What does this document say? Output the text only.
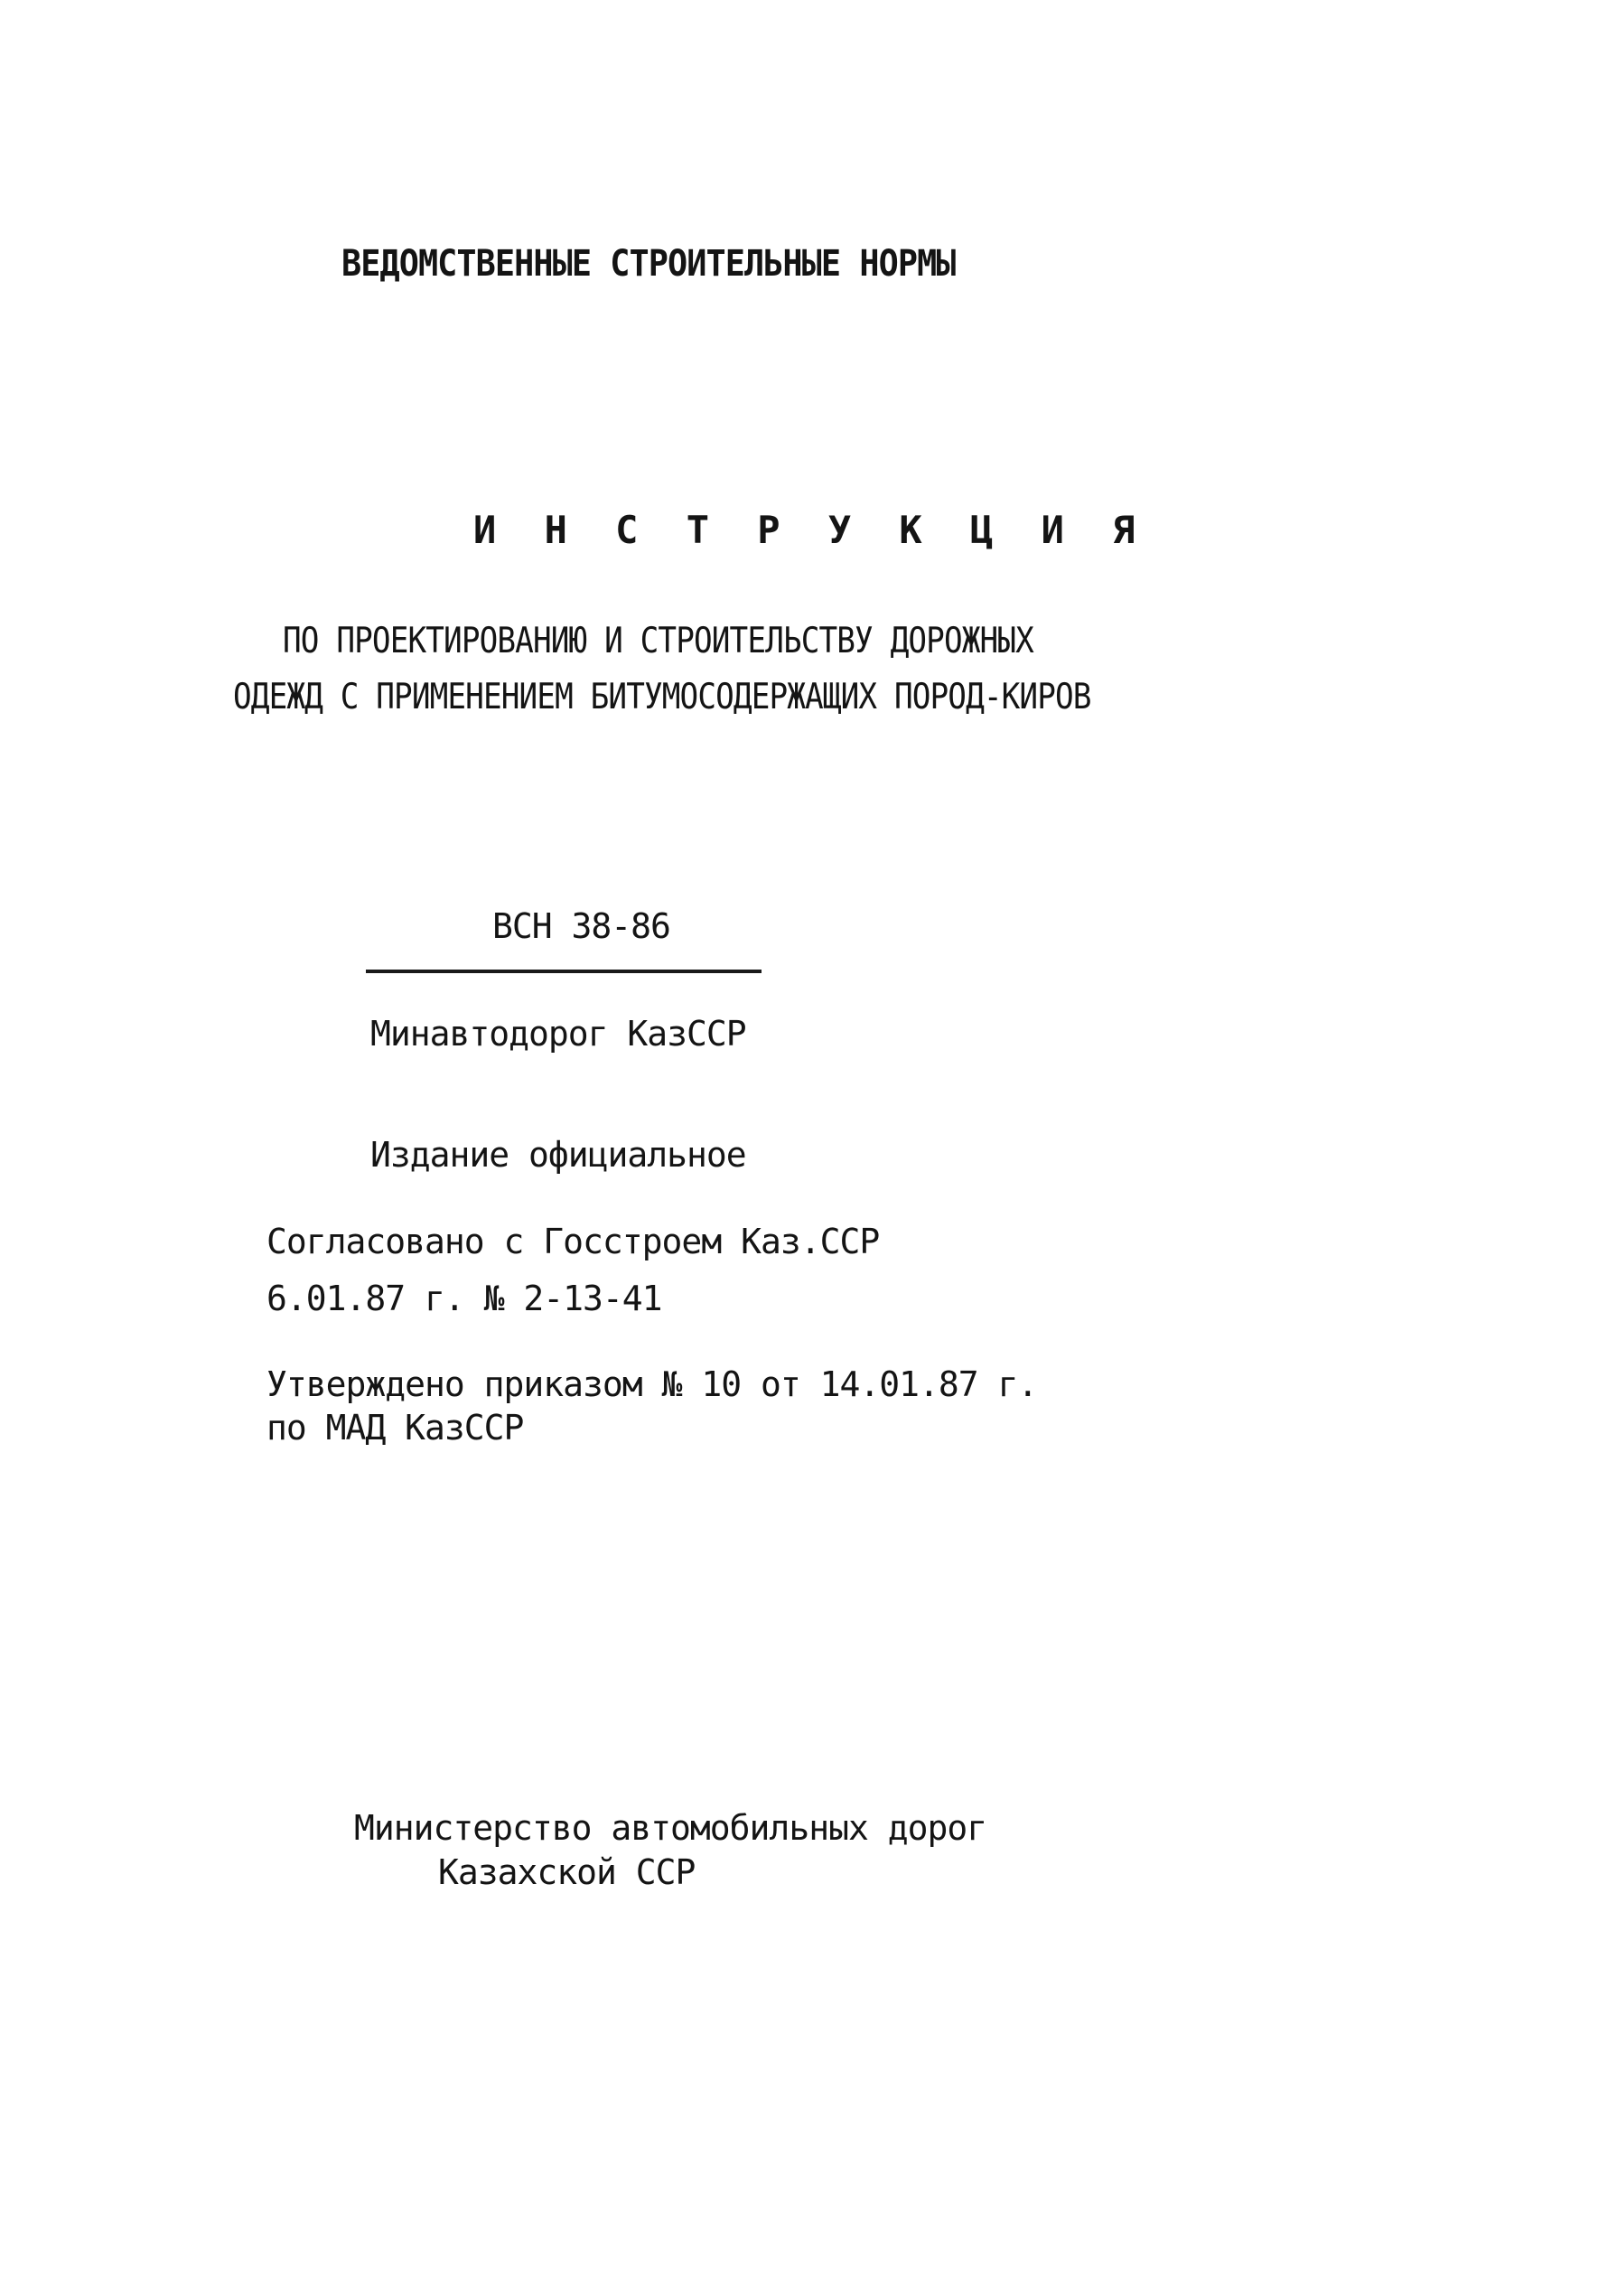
ВЕДОМСТВЕННЫЕ СТРОИТЕЛЬНЫЕ НОРМЫ
И Н С Т Р У К Ц И Я
ПО ПРОЕКТИРОВАНИЮ И СТРОИТЕЛЬСТВУ ДОРОЖНЫХ
ОДЕЖД С ПРИМЕНЕНИЕМ БИТУМОСОДЕРЖАЩИХ ПОРОД-КИРОВ
ВСН 38-86
Минавтодорог КазССР
Издание официальное
Согласовано с Госстроем Каз.ССР
6.01.87 г. № 2-13-41
Утверждено приказом № 10 от 14.01.87 г.
по МАД КазССР
Министерство автомобильных дорог
Казахской ССР
